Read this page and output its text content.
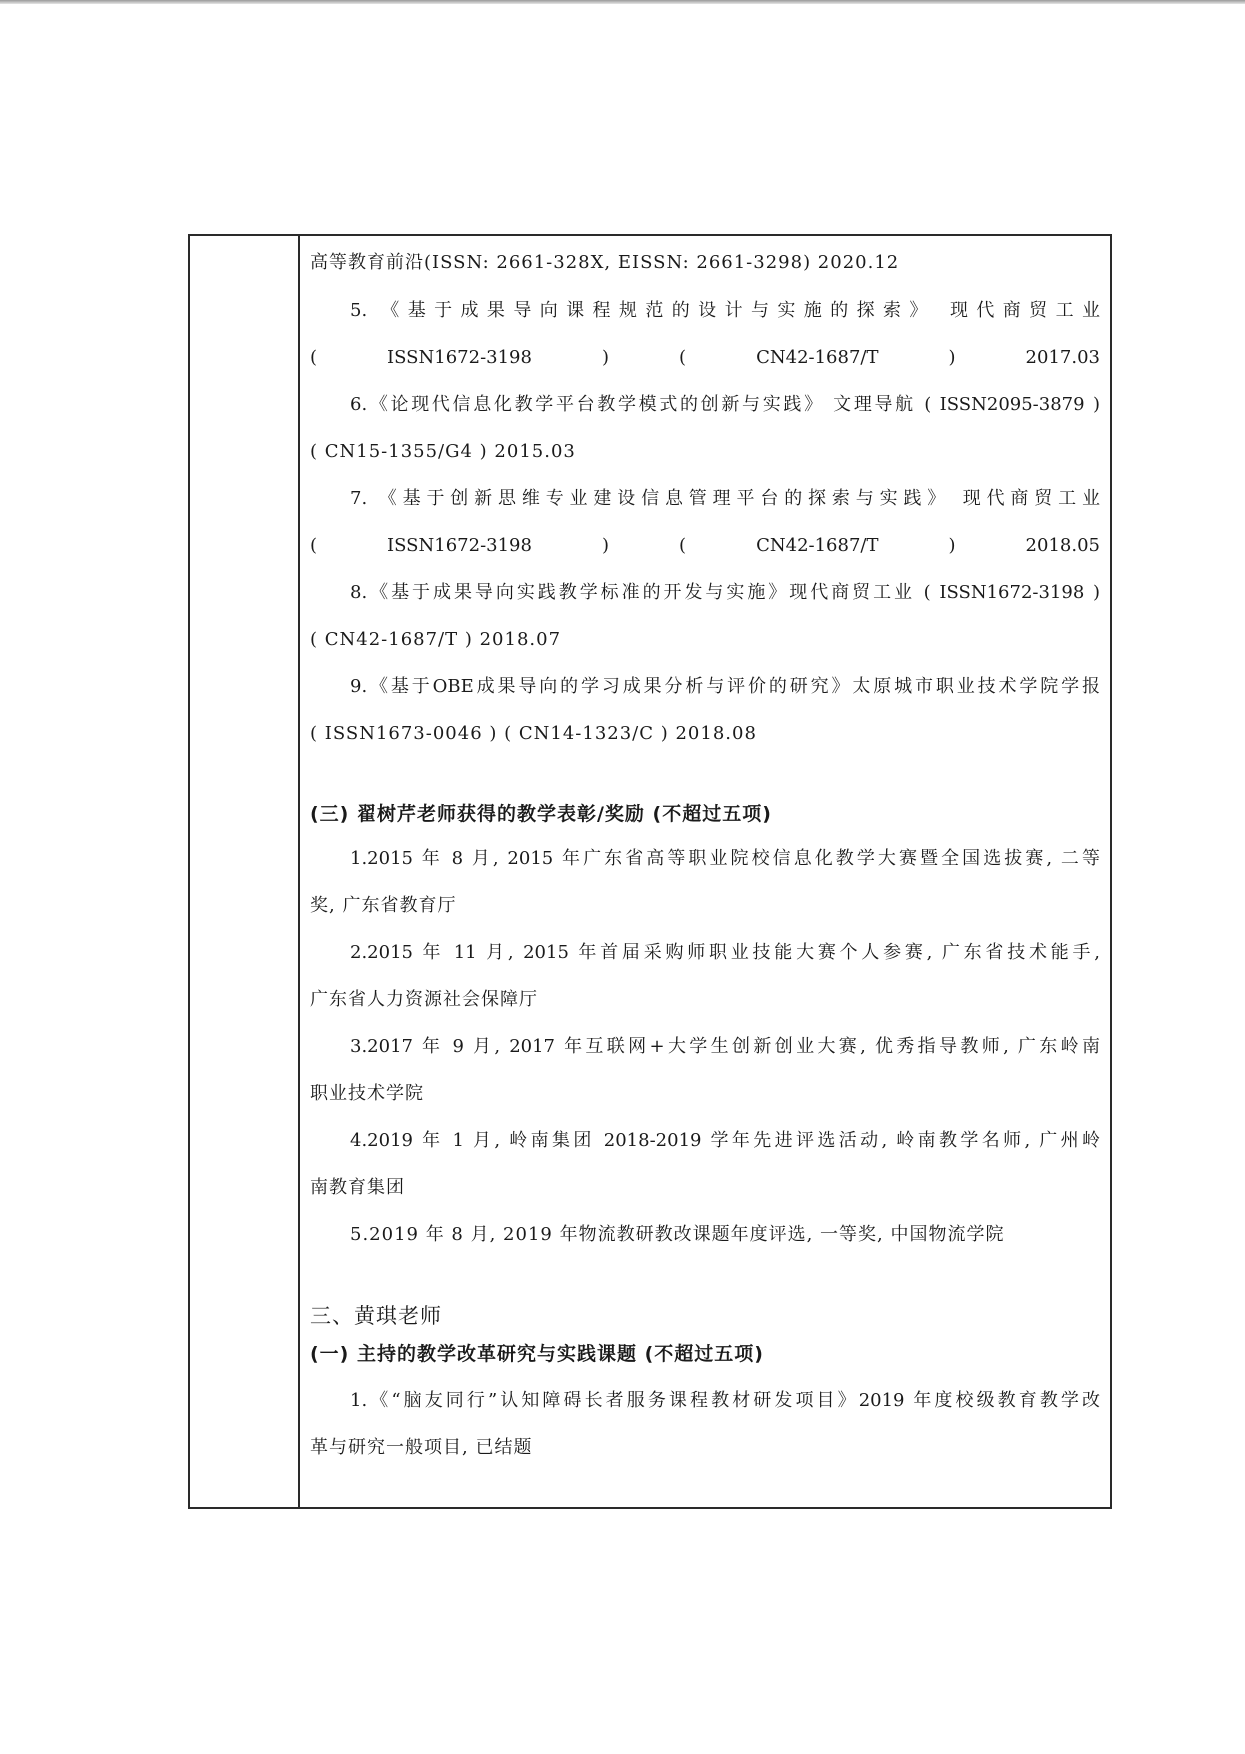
高等教育前沿(ISSN: 2661-328X, EISSN: 2661-3298) 2020.12
5. 《基于成果导向课程规范的设计与实施的探索》 现代商贸工业
( ISSN1672-3198 ) ( CN42-1687/T ) 2017.03
6.《论现代信息化教学平台教学模式的创新与实践》 文理导航 ( ISSN2095-3879 )
( CN15-1355/G4 ) 2015.03
7. 《基于创新思维专业建设信息管理平台的探索与实践》 现代商贸工业
( ISSN1672-3198 ) ( CN42-1687/T ) 2018.05
8.《基于成果导向实践教学标准的开发与实施》现代商贸工业 ( ISSN1672-3198 )
( CN42-1687/T ) 2018.07
9.《基于OBE成果导向的学习成果分析与评价的研究》太原城市职业技术学院学报
( ISSN1673-0046 ) ( CN14-1323/C ) 2018.08
(三) 翟树芹老师获得的教学表彰/奖励 (不超过五项)
1.2015 年 8 月, 2015 年广东省高等职业院校信息化教学大赛暨全国选拔赛, 二等
奖, 广东省教育厅
2.2015 年 11 月, 2015 年首届采购师职业技能大赛个人参赛, 广东省技术能手,
广东省人力资源社会保障厅
3.2017 年 9 月, 2017 年互联网+大学生创新创业大赛, 优秀指导教师, 广东岭南
职业技术学院
4.2019 年 1 月, 岭南集团 2018-2019 学年先进评选活动, 岭南教学名师, 广州岭
南教育集团
5.2019 年 8 月, 2019 年物流教研教改课题年度评选, 一等奖, 中国物流学院
三、黄琪老师
(一) 主持的教学改革研究与实践课题 (不超过五项)
1.《“脑友同行”认知障碍长者服务课程教材研发项目》2019 年度校级教育教学改
革与研究一般项目, 已结题
